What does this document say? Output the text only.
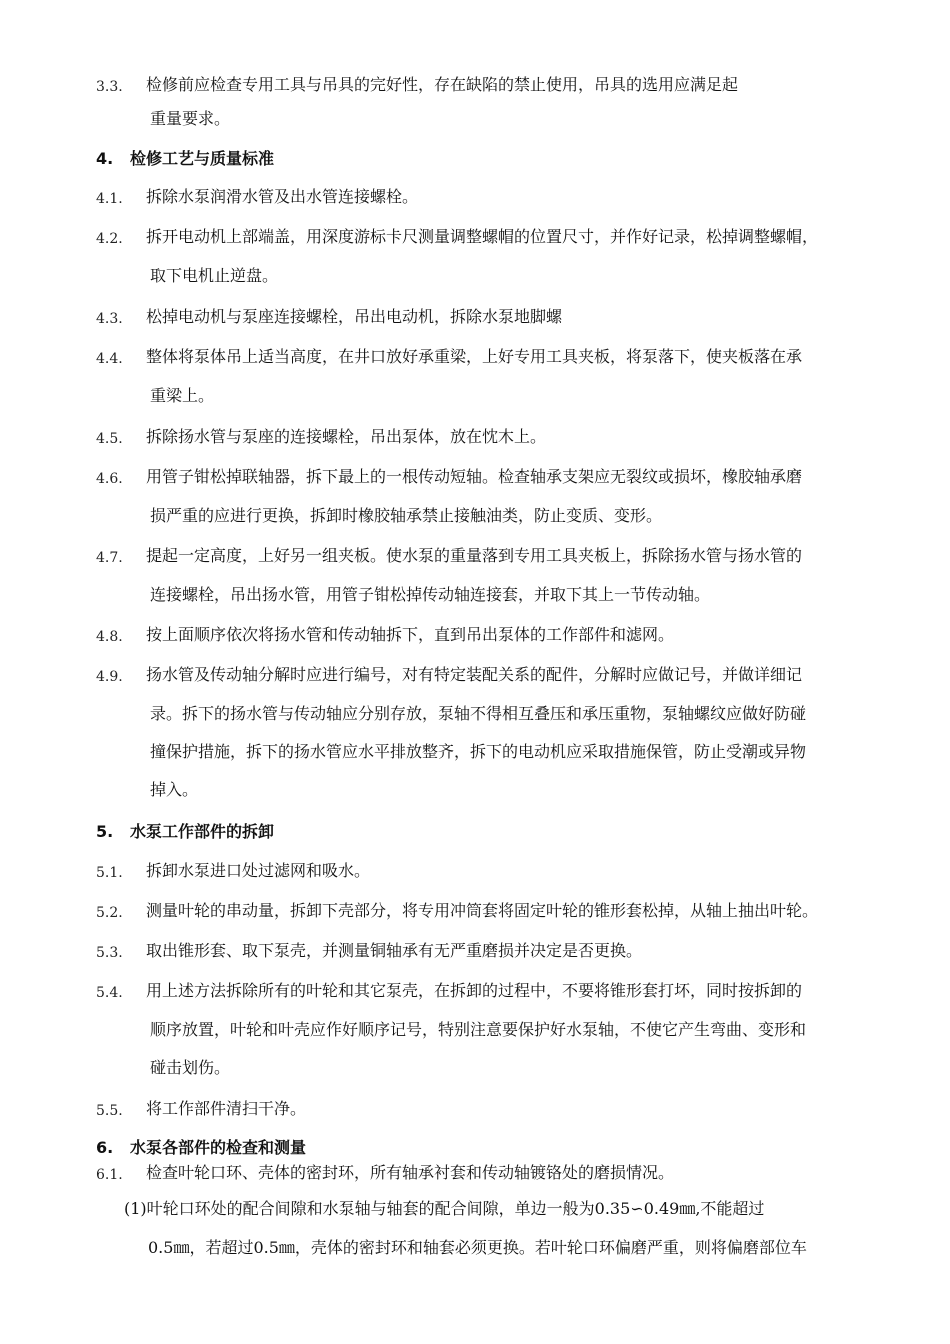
3.3. 检修前应检查专用工具与吊具的完好性，存在缺陷的禁止使用，吊具的选用应满足起
重量要求。
4. 检修工艺与质量标准
4.1. 拆除水泵润滑水管及出水管连接螺栓。
4.2. 拆开电动机上部端盖，用深度游标卡尺测量调整螺帽的位置尺寸，并作好记录，松掉调整螺帽，
取下电机止逆盘。
4.3. 松掉电动机与泵座连接螺栓，吊出电动机，拆除水泵地脚螺
4.4. 整体将泵体吊上适当高度，在井口放好承重梁，上好专用工具夹板，将泵落下，使夹板落在承
重梁上。
4.5. 拆除扬水管与泵座的连接螺栓，吊出泵体，放在忱木上。
4.6. 用管子钳松掉联轴器，拆下最上的一根传动短轴。检查轴承支架应无裂纹或损坏，橡胶轴承磨
损严重的应进行更换，拆卸时橡胶轴承禁止接触油类，防止变质、变形。
4.7. 提起一定高度，上好另一组夹板。使水泵的重量落到专用工具夹板上，拆除扬水管与扬水管的
连接螺栓，吊出扬水管，用管子钳松掉传动轴连接套，并取下其上一节传动轴。
4.8. 按上面顺序依次将扬水管和传动轴拆下，直到吊出泵体的工作部件和滤网。
4.9. 扬水管及传动轴分解时应进行编号，对有特定装配关系的配件，分解时应做记号，并做详细记
录。拆下的扬水管与传动轴应分别存放，泵轴不得相互叠压和承压重物，泵轴螺纹应做好防碰
撞保护措施，拆下的扬水管应水平排放整齐，拆下的电动机应采取措施保管，防止受潮或异物
掉入。
5. 水泵工作部件的拆卸
5.1. 拆卸水泵进口处过滤网和吸水。
5.2. 测量叶轮的串动量，拆卸下壳部分，将专用冲筒套将固定叶轮的锥形套松掉，从轴上抽出叶轮。
5.3. 取出锥形套、取下泵壳，并测量铜轴承有无严重磨损并决定是否更换。
5.4. 用上述方法拆除所有的叶轮和其它泵壳，在拆卸的过程中，不要将锥形套打坏，同时按拆卸的
顺序放置，叶轮和叶壳应作好顺序记号，特别注意要保护好水泵轴，不使它产生弯曲、变形和
碰击划伤。
5.5. 将工作部件清扫干净。
6. 水泵各部件的检查和测量
6.1. 检查叶轮口环、壳体的密封环，所有轴承衬套和传动轴镀铬处的磨损情况。
(1)叶轮口环处的配合间隙和水泵轴与轴套的配合间隙，单边一般为0.35∽0.49㎜,不能超过
0.5㎜，若超过0.5㎜，壳体的密封环和轴套必须更换。若叶轮口环偏磨严重，则将偏磨部位车
